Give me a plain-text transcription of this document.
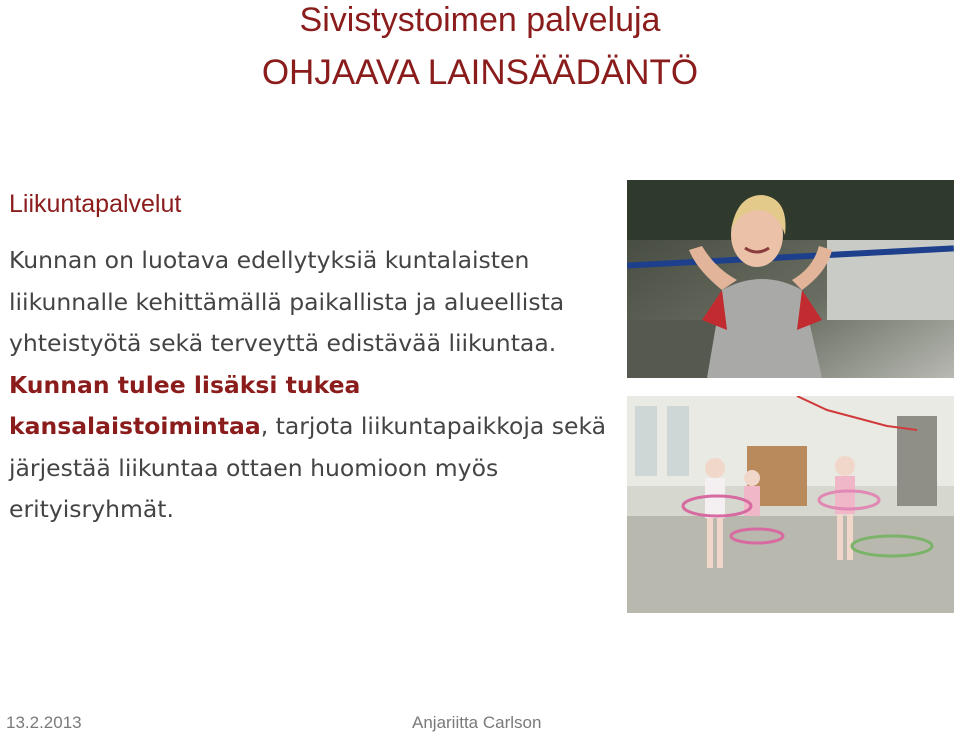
Sivistystoimen palveluja
OHJAAVA LAINSÄÄDÄNTÖ
Liikuntapalvelut
Kunnan on luotava edellytyksiä kuntalaisten liikunnalle kehittämällä paikallista ja alueellista yhteistyötä sekä terveyttä edistävää liikuntaa. Kunnan tulee lisäksi tukea kansalaistoimintaa, tarjota liikuntapaikkoja sekä järjestää liikuntaa ottaen huomioon myös erityisryhmät.
13.2.2013	Anjariitta Carlson
